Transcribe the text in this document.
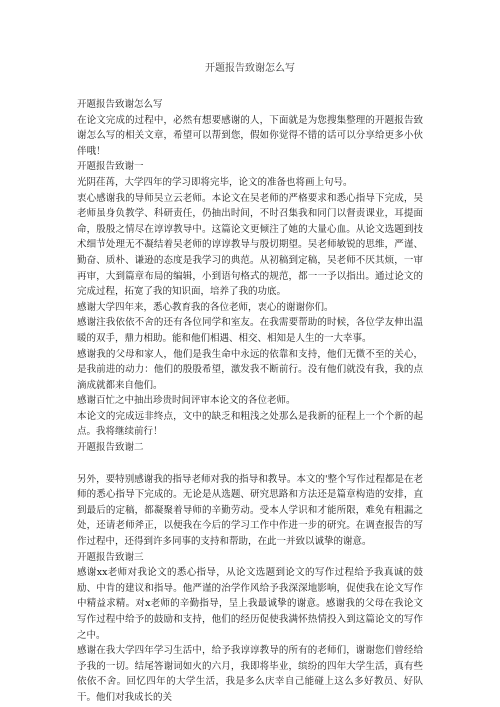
开题报告致谢怎么写

开题报告致谢怎么写

在论文完成的过程中，必然有想要感谢的人，下面就是为您搜集整理的开题报告致谢怎么写的相关文章，希望可以帮到您，假如你觉得不错的话可以分享给更多小伙伴哦！

开题报告致谢一

光阴荏苒，大学四年的学习即将完毕，论文的准备也将画上句号。

衷心感谢我的导师吴立云老师。本论文在吴老师的严格要求和悉心指导下完成，吴老师虽身负教学、科研责任，仍抽出时间，不时召集我和同门以督责课业，耳提面命，殷殷之情尽在谆谆教导中。这篇论文更倾注了她的大量心血。从论文选题到技术细节处理无不凝结着吴老师的谆谆教导与殷切期望。吴老师敏锐的思维，严谨、勤奋、质朴、谦逊的态度是我学习的典范。从初稿到定稿，吴老师不厌其烦，一审再审，大到篇章布局的编辑，小到语句格式的规范，都一一予以指出。通过论文的完成过程，拓宽了我的知识面，培养了我的功底。

感谢大学四年来，悉心教育我的各位老师，衷心的谢谢你们。

感谢注我依依不舍的还有各位同学和室友。在我需要帮助的时候，各位学友伸出温暖的双手，鼎力相助。能和他们相遇、相交、相知是人生的一大幸事。

感谢我的父母和家人，他们是我生命中永远的依靠和支持，他们无微不至的关心，是我前进的动力：他们的殷殷希望，激发我不断前行。没有他们就没有我，我的点滴成就都来自他们。

感谢百忙之中抽出珍贵时间评审本论文的各位老师。

本论文的完成远非终点，文中的缺乏和粗浅之处那么是我新的征程上一个个新的起点。我将继续前行！

开题报告致谢二

另外，要特别感谢我的指导老师对我的指导和教导。本文的'整个写作过程都是在老师的悉心指导下完成的。无论是从选题、研究思路和方法还是篇章构造的安排，直到最后的定稿，都凝聚着导师的辛勤劳动。受本人学识和才能所限，难免有粗漏之处，还请老师斧正，以便我在今后的学习工作中作进一步的研究。在调查报告的写作过程中，还得到许多同事的支持和帮助，在此一并致以诚挚的谢意。

开题报告致谢三

感谢xx老师对我论文的悉心指导，从论文选题到论文的写作过程给予我真诚的鼓励、中肯的建议和指导。他严谨的治学作风给予我深深地影响，促使我在论文写作中精益求精。对x老师的辛勤指导，呈上我最诚挚的谢意。感谢我的父母在我论文写作过程中给予的鼓励和支持，他们的经历促使我满怀热情投入到这篇论文的写作之中。

感谢在我大学四年学习生活中，给予我谆谆教导的所有的老师们，谢谢您们曾经给予我的一切。结尾答谢词如火的六月，我即将毕业，缤纷的四年大学生活，真有些依依不舍。回忆四年的大学生活，我是多么庆幸自己能碰上这么多好教员、好队干。他们对我成长的关
